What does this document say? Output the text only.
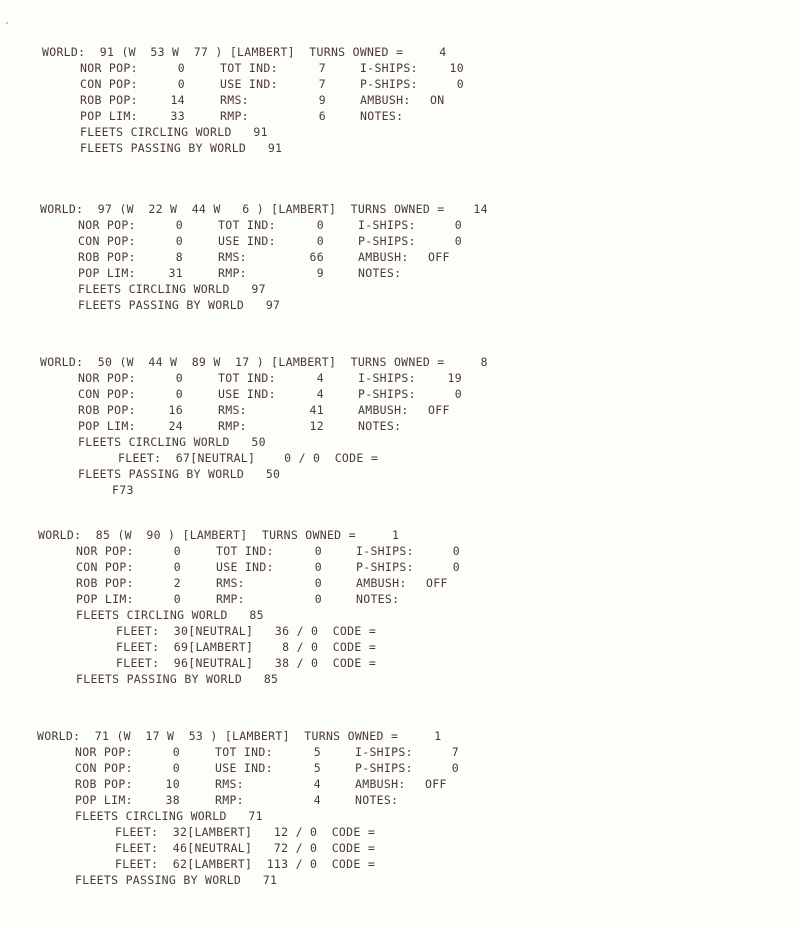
WORLD:  91 (W  53 W  77 ) [LAMBERT]  TURNS OWNED =     4
NOR POP:	0	TOT IND:	7	I-SHIPS:	10
CON POP:	0	USE IND:	7	P-SHIPS:	0
ROB POP:	14	RMS:	9	AMBUSH: ON
POP LIM:	33	RMP:	6	NOTES:
FLEETS CIRCLING WORLD   91
FLEETS PASSING BY WORLD   91
WORLD:  97 (W  22 W  44 W   6 ) [LAMBERT]  TURNS OWNED =    14
NOR POP:	0	TOT IND:	0	I-SHIPS:	0
CON POP:	0	USE IND:	0	P-SHIPS:	0
ROB POP:	8	RMS:	66	AMBUSH: OFF
POP LIM:	31	RMP:	9	NOTES:
FLEETS CIRCLING WORLD   97
FLEETS PASSING BY WORLD   97
WORLD:  50 (W  44 W  89 W  17 ) [LAMBERT]  TURNS OWNED =     8
NOR POP:	0	TOT IND:	4	I-SHIPS:	19
CON POP:	0	USE IND:	4	P-SHIPS:	0
ROB POP:	16	RMS:	41	AMBUSH: OFF
POP LIM:	24	RMP:	12	NOTES:
FLEETS CIRCLING WORLD   50
FLEET:  67[NEUTRAL]    0 / 0  CODE =
FLEETS PASSING BY WORLD   50
F73
WORLD:  85 (W  90 ) [LAMBERT]  TURNS OWNED =     1
NOR POP:	0	TOT IND:	0	I-SHIPS:	0
CON POP:	0	USE IND:	0	P-SHIPS:	0
ROB POP:	2	RMS:	0	AMBUSH: OFF
POP LIM:	0	RMP:	0	NOTES:
FLEETS CIRCLING WORLD   85
FLEET:  30[NEUTRAL]   36 / 0  CODE =
FLEET:  69[LAMBERT]    8 / 0  CODE =
FLEET:  96[NEUTRAL]   38 / 0  CODE =
FLEETS PASSING BY WORLD   85
WORLD:  71 (W  17 W  53 ) [LAMBERT]  TURNS OWNED =     1
NOR POP:	0	TOT IND:	5	I-SHIPS:	7
CON POP:	0	USE IND:	5	P-SHIPS:	0
ROB POP:	10	RMS:	4	AMBUSH: OFF
POP LIM:	38	RMP:	4	NOTES:
FLEETS CIRCLING WORLD   71
FLEET:  32[LAMBERT]   12 / 0  CODE =
FLEET:  46[NEUTRAL]   72 / 0  CODE =
FLEET:  62[LAMBERT]  113 / 0  CODE =
FLEETS PASSING BY WORLD   71
